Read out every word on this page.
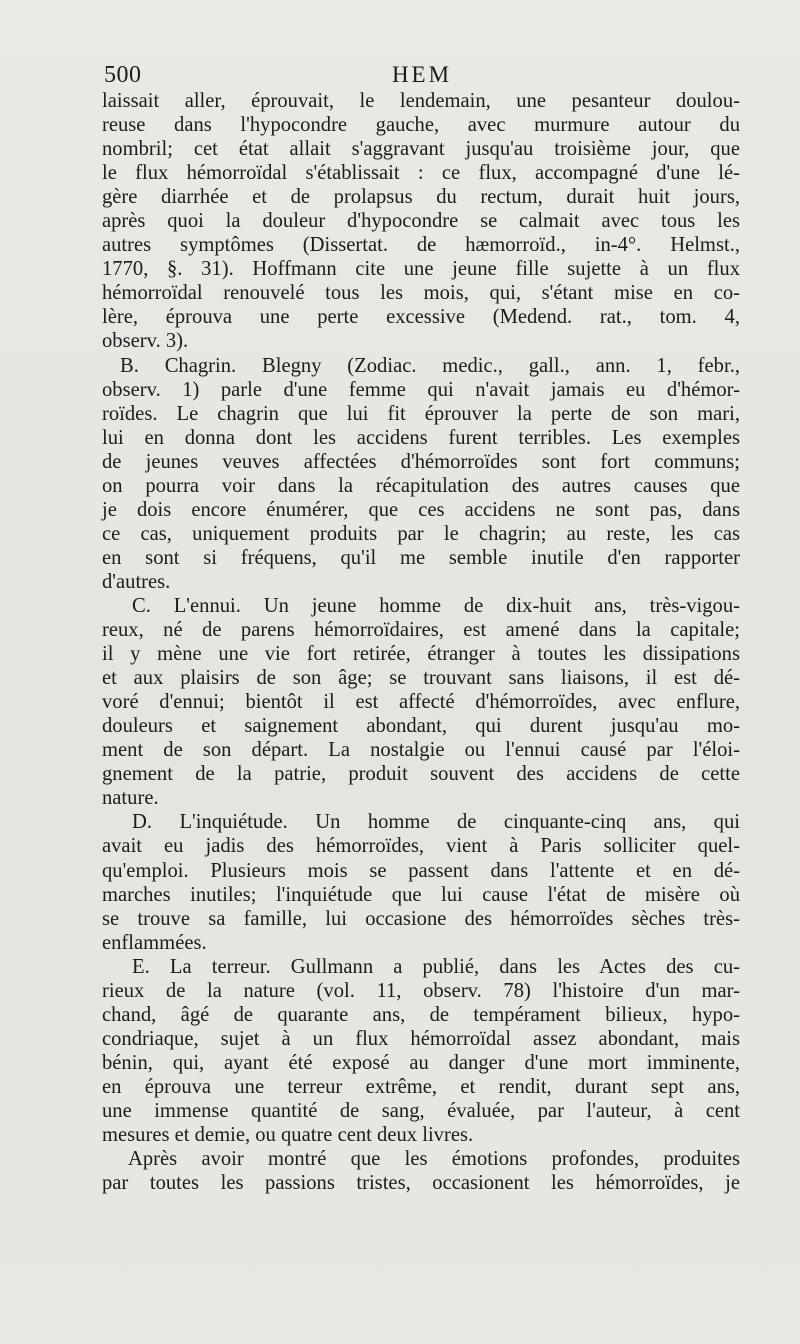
500	HEM
laissait aller, éprouvait, le lendemain, une pesanteur doulou-
reuse dans l'hypocondre gauche, avec murmure autour du
nombril; cet état allait s'aggravant jusqu'au troisième jour, que
le flux hémorroïdal s'établissait : ce flux, accompagné d'une lé-
gère diarrhée et de prolapsus du rectum, durait huit jours,
après quoi la douleur d'hypocondre se calmait avec tous les
autres symptômes (Dissertat. de hæmorroïd., in-4°. Helmst.,
1770, §. 31). Hoffmann cite une jeune fille sujette à un flux
hémorroïdal renouvelé tous les mois, qui, s'étant mise en co-
lère, éprouva une perte excessive (Medend. rat., tom. 4,
observ. 3).
B. Chagrin. Blegny (Zodiac. medic., gall., ann. 1, febr.,
observ. 1) parle d'une femme qui n'avait jamais eu d'hémor-
roïdes. Le chagrin que lui fit éprouver la perte de son mari,
lui en donna dont les accidens furent terribles. Les exemples
de jeunes veuves affectées d'hémorroïdes sont fort communs;
on pourra voir dans la récapitulation des autres causes que
je dois encore énumérer, que ces accidens ne sont pas, dans
ce cas, uniquement produits par le chagrin; au reste, les cas
en sont si fréquens, qu'il me semble inutile d'en rapporter
d'autres.
C. L'ennui. Un jeune homme de dix-huit ans, très-vigou-
reux, né de parens hémorroïdaires, est amené dans la capitale;
il y mène une vie fort retirée, étranger à toutes les dissipations
et aux plaisirs de son âge; se trouvant sans liaisons, il est dé-
voré d'ennui; bientôt il est affecté d'hémorroïdes, avec enflure,
douleurs et saignement abondant, qui durent jusqu'au mo-
ment de son départ. La nostalgie ou l'ennui causé par l'éloi-
gnement de la patrie, produit souvent des accidens de cette
nature.
D. L'inquiétude. Un homme de cinquante-cinq ans, qui
avait eu jadis des hémorroïdes, vient à Paris solliciter quel-
qu'emploi. Plusieurs mois se passent dans l'attente et en dé-
marches inutiles; l'inquiétude que lui cause l'état de misère où
se trouve sa famille, lui occasione des hémorroïdes sèches très-
enflammées.
E. La terreur. Gullmann a publié, dans les Actes des cu-
rieux de la nature (vol. 11, observ. 78) l'histoire d'un mar-
chand, âgé de quarante ans, de tempérament bilieux, hypo-
condriaque, sujet à un flux hémorroïdal assez abondant, mais
bénin, qui, ayant été exposé au danger d'une mort imminente,
en éprouva une terreur extrême, et rendit, durant sept ans,
une immense quantité de sang, évaluée, par l'auteur, à cent
mesures et demie, ou quatre cent deux livres.
Après avoir montré que les émotions profondes, produites
par toutes les passions tristes, occasionent les hémorroïdes, je
